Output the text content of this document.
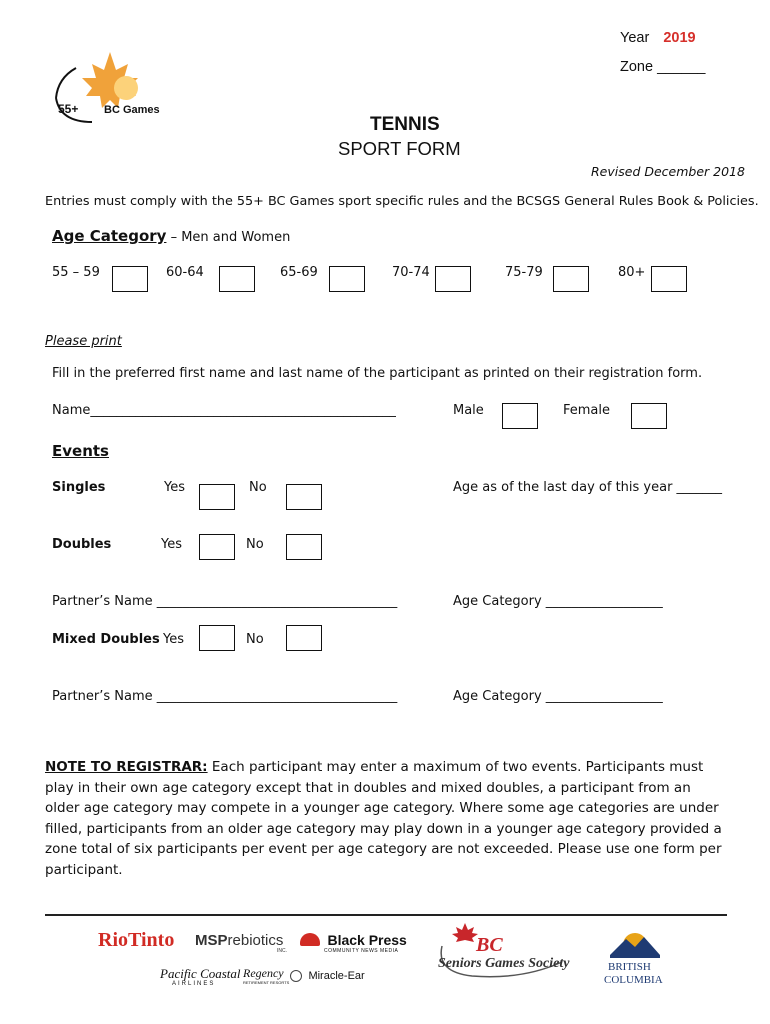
55+ BC Games
Year 2019
Zone ______
TENNIS
SPORT FORM
Revised December 2018
Entries must comply with the 55+ BC Games sport specific rules and the BCSGS General Rules Book & Policies.
Age Category – Men and Women
55 – 59	60-64	65-69	70-74	75-79	80+
Please print
Fill in the preferred first name and last name of the participant as printed on their registration form.
Name_______________________________________________	Male	Female
Events
Singles	Yes	No	Age as of the last day of this year _______
Doubles	Yes	No
Partner’s Name _____________________________________	Age Category __________________
Mixed Doubles Yes	No
Partner’s Name _____________________________________	Age Category __________________
NOTE TO REGISTRAR: Each participant may enter a maximum of two events. Participants must play in their own age category except that in doubles and mixed doubles, a participant from an older age category may compete in a younger age category. Where some age categories are under filled, participants from an older age category may play down in a younger age category provided a zone total of six participants per event per age category are not exceeded. Please use one form per participant.
RioTinto MSPrebiotics
INC.
Black Press
COMMUNITY NEWS MEDIA
Pacific Coastal
AIRLINES
Regency
RETIREMENT RESORTS
Miracle-Ear
BC
Seniors Games Society	BRITISH
COLUMBIA
